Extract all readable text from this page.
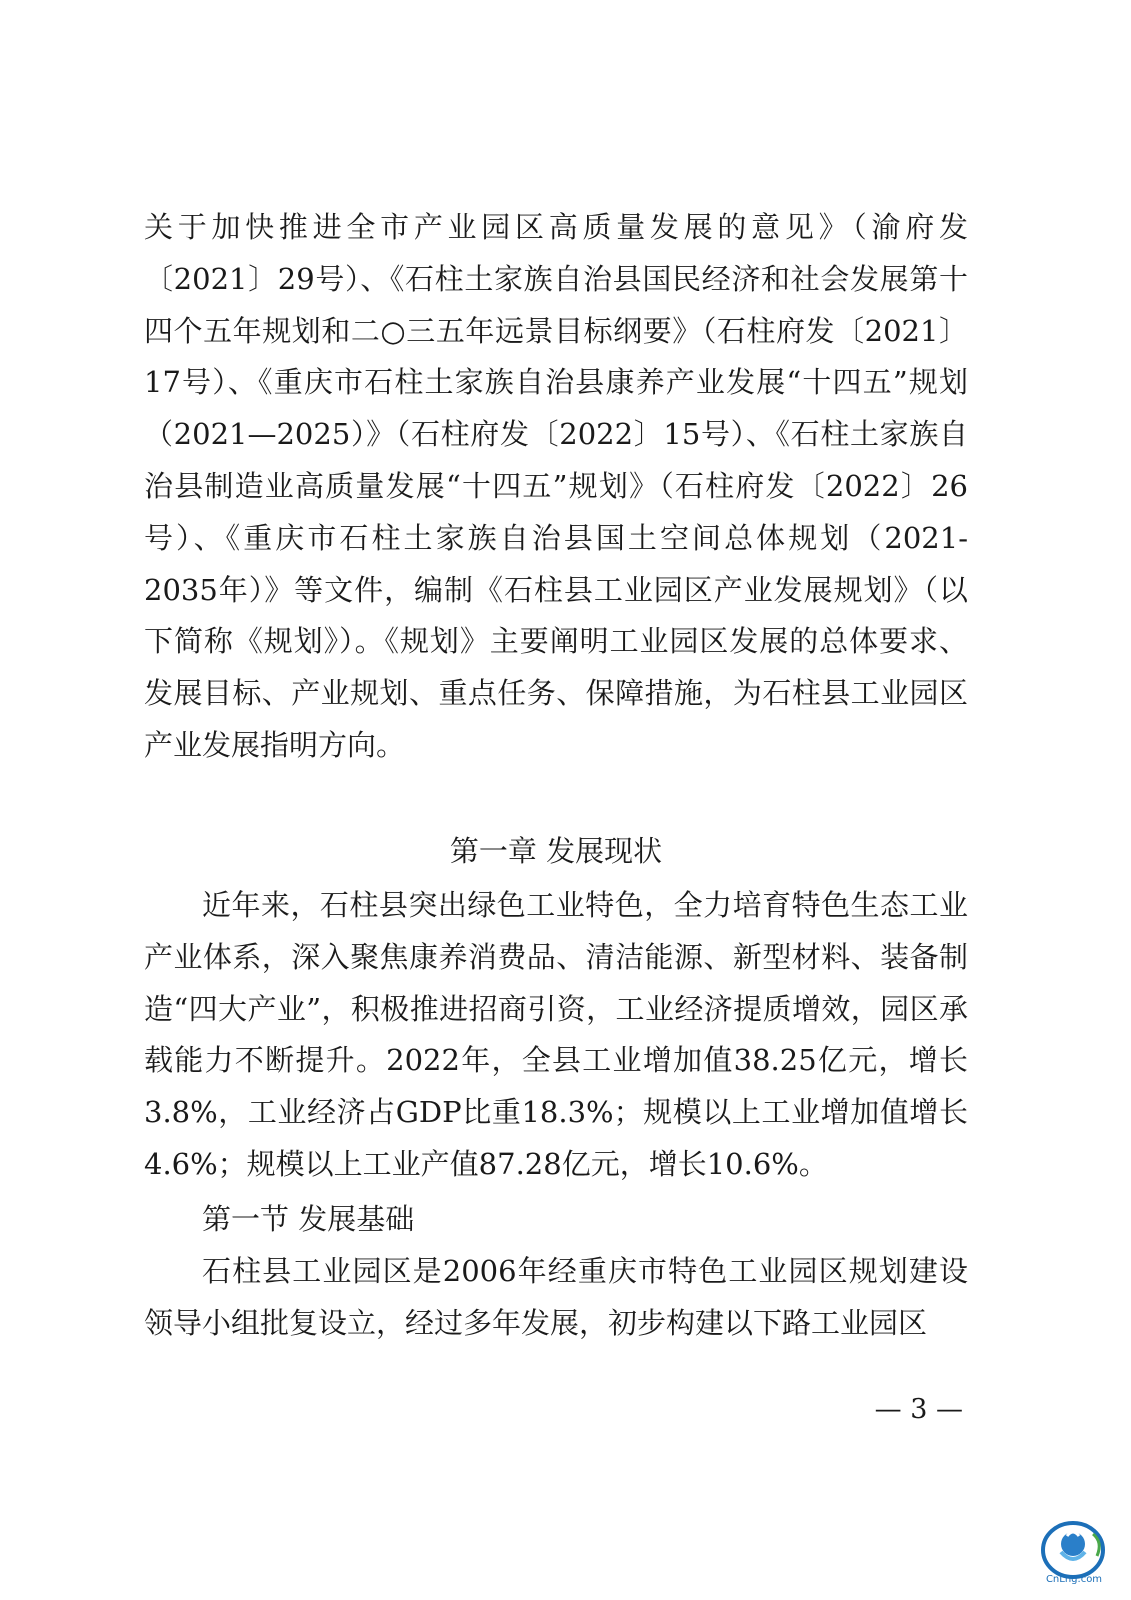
关于加快推进全市产业园区高质量发展的意见》（渝府发〔2021〕29号）、《石柱土家族自治县国民经济和社会发展第十四个五年规划和二○三五年远景目标纲要》（石柱府发〔2021〕17号）、《重庆市石柱土家族自治县康养产业发展“十四五”规划（2021—2025）》（石柱府发〔2022〕15号）、《石柱土家族自治县制造业高质量发展“十四五”规划》（石柱府发〔2022〕26号）、《重庆市石柱土家族自治县国土空间总体规划（2021-2035年）》等文件，编制《石柱县工业园区产业发展规划》（以下简称《规划》）。《规划》主要阐明工业园区发展的总体要求、发展目标、产业规划、重点任务、保障措施，为石柱县工业园区产业发展指明方向。

第一章 发展现状

近年来，石柱县突出绿色工业特色，全力培育特色生态工业产业体系，深入聚焦康养消费品、清洁能源、新型材料、装备制造“四大产业”，积极推进招商引资，工业经济提质增效，园区承载能力不断提升。2022年，全县工业增加值38.25亿元，增长3.8%，工业经济占GDP比重18.3%；规模以上工业增加值增长4.6%；规模以上工业产值87.28亿元，增长10.6%。

第一节 发展基础

石柱县工业园区是2006年经重庆市特色工业园区规划建设领导小组批复设立，经过多年发展，初步构建以下路工业园区

— 3 —
CnLng.com
